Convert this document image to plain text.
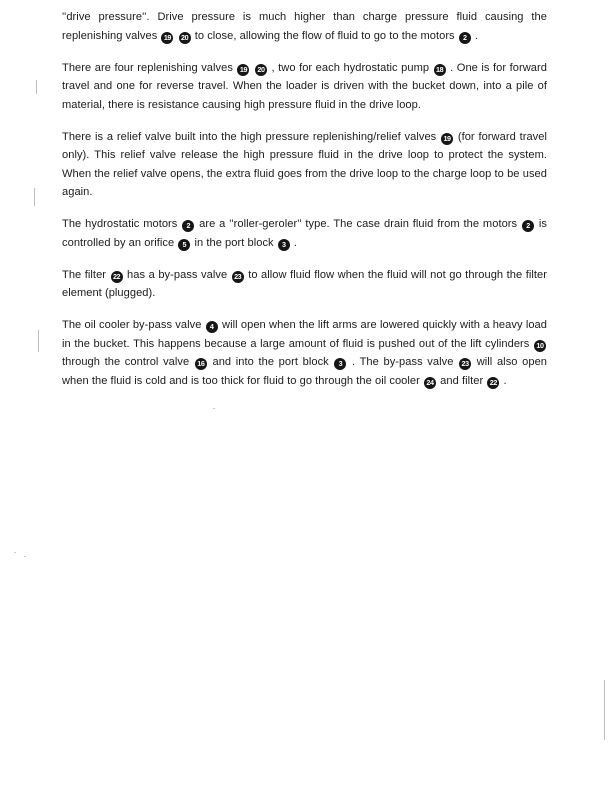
''drive pressure''. Drive pressure is much higher than charge pressure fluid causing the replenishing valves 19 20 to close, allowing the flow of fluid to go to the motors 2 .

There are four replenishing valves 19 20 , two for each hydrostatic pump 18 . One is for forward travel and one for reverse travel. When the loader is driven with the bucket down, into a pile of material, there is resistance causing high pressure fluid in the drive loop.

There is a relief valve built into the high pressure replenishing/relief valves 19 (for forward travel only). This relief valve release the high pressure fluid in the drive loop to protect the system. When the relief valve opens, the extra fluid goes from the drive loop to the charge loop to be used again.

The hydrostatic motors 2 are a ''roller-geroler'' type. The case drain fluid from the motors 2 is controlled by an orifice 5 in the port block 3 .

The filter 22 has a by-pass valve 23 to allow fluid flow when the fluid will not go through the filter element (plugged).

The oil cooler by-pass valve 4 will open when the lift arms are lowered quickly with a heavy load in the bucket. This happens because a large amount of fluid is pushed out of the lift cylinders 10 through the control valve 16 and into the port block 3 . The by-pass valve 23 will also open when the fluid is cold and is too thick for fluid to go through the oil cooler 24 and filter 22 .
